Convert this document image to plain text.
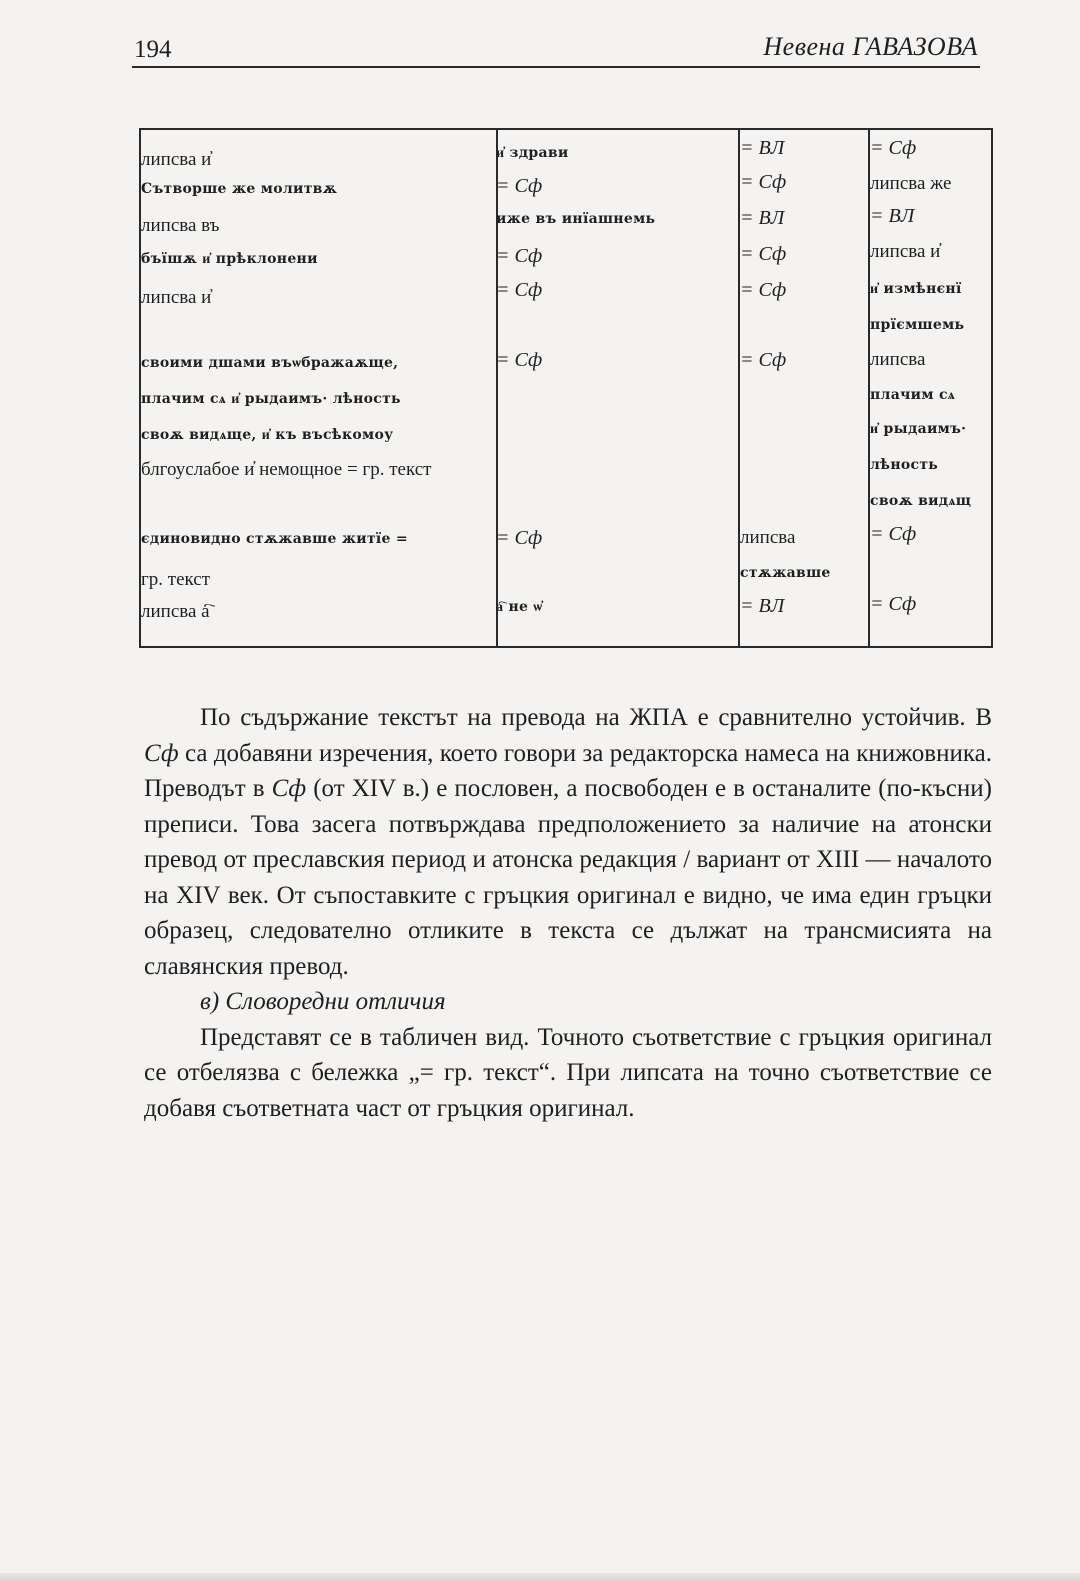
194	Невена ГАВАЗОВА
липсва и҆
Сътворше же молитвѫ
липсва въ
бъїшѫ и҆ прѣклонени
липсва и҆
своими дшами въѡбражаѫще,
плачим сѧ и҆ рыдаимъ· лѣность
своѫ видѧще, и҆ къ въсѣкомоу
блгоуслабое и҆ немощное = гр. текст
єдиновидно стѫжавше житїе =
гр. текст
липсва а҇
и҆ здрави
= Сф
иже въ инїашнемь
= Сф
= Сф
= Сф
= Сф
а҇ не ѡ҆
= ВЛ
= Сф
= ВЛ
= Сф
= Сф
= Сф
липсва
стѫжавше
= ВЛ
= Сф
липсва же
= ВЛ
липсва и҆
и҆ измѣнєнї
прїємшемь
липсва
плачим сѧ
и҆ рыдаимъ·
лѣность
своѫ видѧщ
= Сф
= Сф

По съдържание текстът на превода на ЖПА е сравнително устойчив. В Сф са добавяни изречения, което говори за редакторска намеса на книжовника. Преводът в Сф (от XIV в.) е пословен, а посвободен е в останалите (по-късни) преписи. Това засега потвърждава предположението за наличие на атонски превод от преславския период и атонска редакция / вариант от XIII — началото на XIV век. От съпоставките с гръцкия оригинал е видно, че има един гръцки образец, следователно отликите в текста се дължат на трансмисията на славянския превод.

в) Словоредни отличия

Представят се в табличен вид. Точното съответствие с гръцкия оригинал се отбелязва с бележка „= гр. текст“. При липсата на точно съответствие се добавя съответната част от гръцкия оригинал.
